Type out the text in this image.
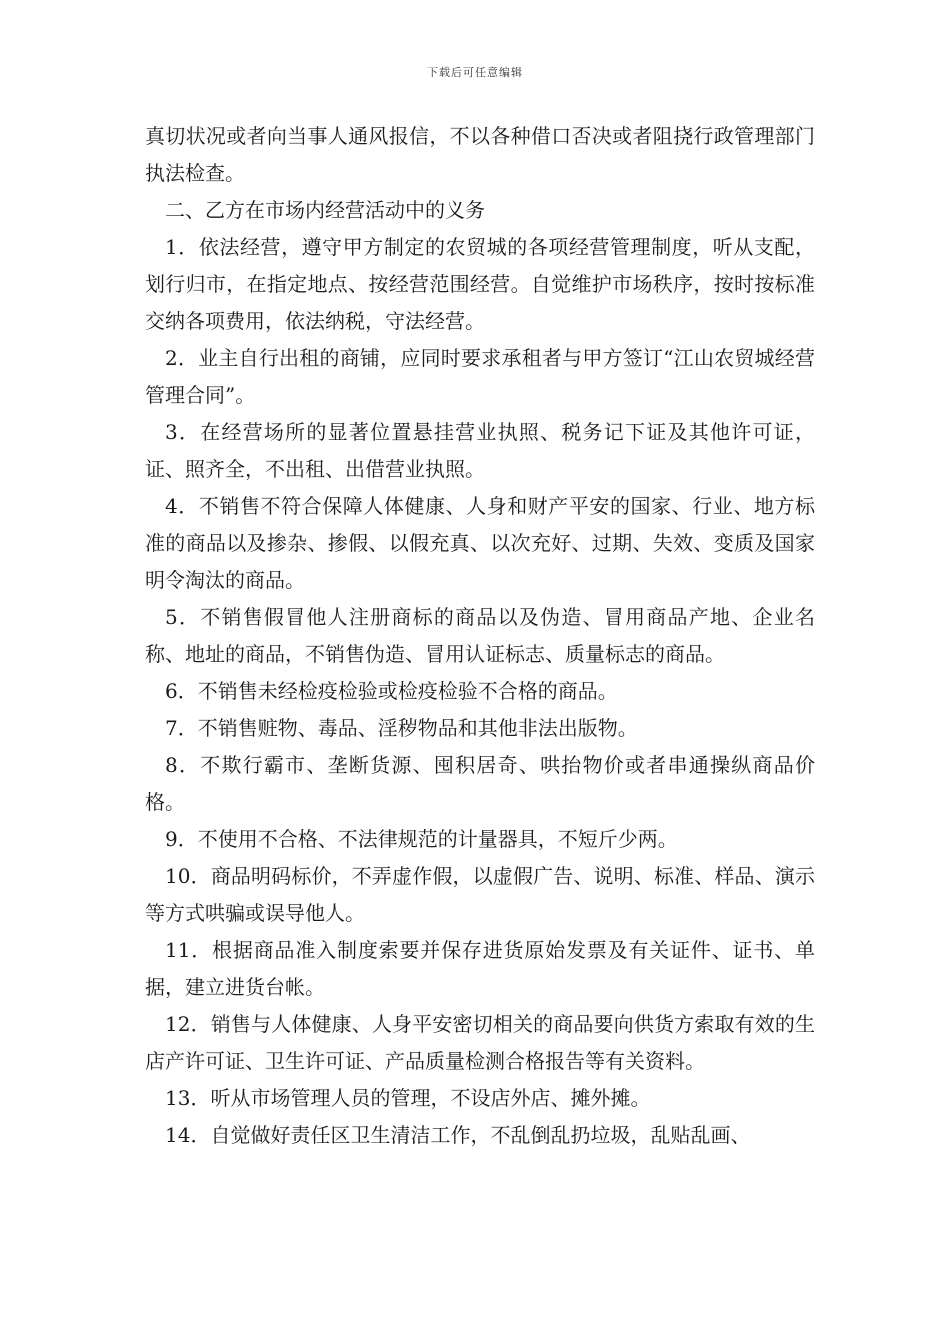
下载后可任意编辑

真切状况或者向当事人通风报信，不以各种借口否决或者阻挠行政管理部门执法检查。

二、乙方在市场内经营活动中的义务

1．依法经营，遵守甲方制定的农贸城的各项经营管理制度，听从支配，划行归市，在指定地点、按经营范围经营。自觉维护市场秩序，按时按标准交纳各项费用，依法纳税，守法经营。

2．业主自行出租的商铺，应同时要求承租者与甲方签订“江山农贸城经营管理合同”。

3．在经营场所的显著位置悬挂营业执照、税务记下证及其他许可证，证、照齐全，不出租、出借营业执照。

4．不销售不符合保障人体健康、人身和财产平安的国家、行业、地方标准的商品以及掺杂、掺假、以假充真、以次充好、过期、失效、变质及国家明令淘汰的商品。

5．不销售假冒他人注册商标的商品以及伪造、冒用商品产地、企业名称、地址的商品，不销售伪造、冒用认证标志、质量标志的商品。

6．不销售未经检疫检验或检疫检验不合格的商品。

7．不销售赃物、毒品、淫秽物品和其他非法出版物。

8．不欺行霸市、垄断货源、囤积居奇、哄抬物价或者串通操纵商品价格。

9．不使用不合格、不法律规范的计量器具，不短斤少两。

10．商品明码标价，不弄虚作假，以虚假广告、说明、标准、样品、演示等方式哄骗或误导他人。

11．根据商品准入制度索要并保存进货原始发票及有关证件、证书、单据，建立进货台帐。

12．销售与人体健康、人身平安密切相关的商品要向供货方索取有效的生店产许可证、卫生许可证、产品质量检测合格报告等有关资料。

13．听从市场管理人员的管理，不设店外店、摊外摊。

14．自觉做好责任区卫生清洁工作，不乱倒乱扔垃圾，乱贴乱画、
